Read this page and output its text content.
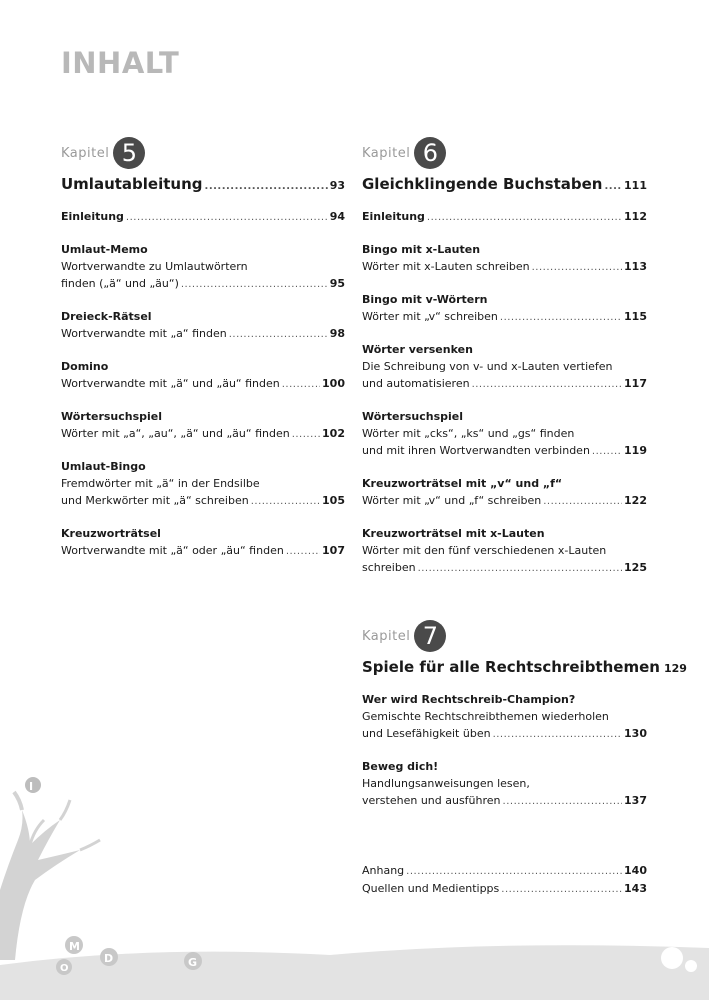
INHALT
Kapitel 5
Umlautableitung .....	93
Einleitung .....	94
Umlaut-Memo
Wortverwandte zu Umlautwörtern
finden („ä“ und „äu“) .....	95
Dreieck-Rätsel
Wortverwandte mit „a“ finden .....	98
Domino
Wortverwandte mit „ä“ und „äu“ finden .....	100
Wörtersuchspiel
Wörter mit „a“, „au“, „ä“ und „äu“ finden .....	102
Umlaut-Bingo
Fremdwörter mit „ä“ in der Endsilbe
und Merkwörter mit „ä“ schreiben .....	105
Kreuzworträtsel
Wortverwandte mit „ä“ oder „äu“ finden .....	107
Kapitel 6
Gleichklingende Buchstaben ..... 111
Einleitung .....	112
Bingo mit x-Lauten
Wörter mit x-Lauten schreiben .....	113
Bingo mit v-Wörtern
Wörter mit „v“ schreiben .....	115
Wörter versenken
Die Schreibung von v- und x-Lauten vertiefen
und automatisieren .....	117
Wörtersuchspiel
Wörter mit „cks“, „ks“ und „gs“ finden
und mit ihren Wortverwandten verbinden .....	119
Kreuzworträtsel mit „v“ und „f“
Wörter mit „v“ und „f“ schreiben .....	122
Kreuzworträtsel mit x-Lauten
Wörter mit den fünf verschiedenen x-Lauten
schreiben .....	125
Kapitel 7
Spiele für alle Rechtschreibthemen 129
Wer wird Rechtschreib-Champion?
Gemischte Rechtschreibthemen wiederholen
und Lesefähigkeit üben .....	130
Beweg dich!
Handlungsanweisungen lesen,
verstehen und ausführen .....	137
Anhang .....	140
Quellen und Medientipps .....	143
I
M
D	G
O
